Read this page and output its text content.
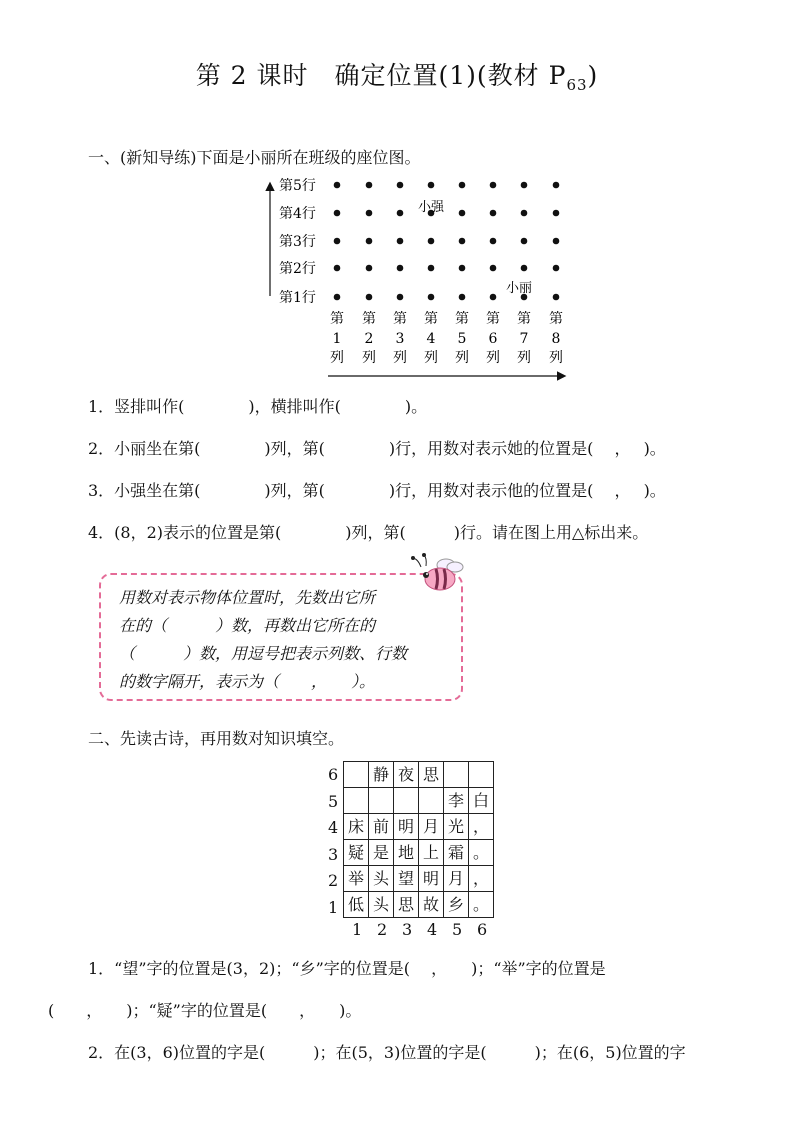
第 2 课时　确定位置(1)(教材 $P_{63}$)
一、(新知导练)下面是小丽所在班级的座位图。
第5行
第4行
第3行
第2行
第1行
第
1
列
第
2
列
第
3
列
第
4
列
第
5
列
第
6
列
第
7
列
第
8
列
小强
小丽
1．竖排叫作(　　　　)，横排叫作(　　　　)。
2．小丽坐在第(　　　　)列，第(　　　　)行，用数对表示她的位置是(　 ，　 )。
3．小强坐在第(　　　　)列，第(　　　　)行，用数对表示他的位置是(　 ，　 )。
4．(8，2)表示的位置是第(　　　　)列，第(　　　)行。请在图上用△标出来。
用数对表示物体位置时，先数出它所
在的（　　　）数，再数出它所在的
（　　　）数，用逗号把表示列数、行数
的数字隔开，表示为（　　，　　）。
二、先读古诗，再用数对知识填空。
6
5
4
3
2
1
	静	夜	思		
				李	白
床	前	明	月	光	，
疑	是	地	上	霜	。
举	头	望	明	月	，
低	头	思	故	乡	。
1 2 3 4 5 6
1．“望”字的位置是(3，2)；“乡”字的位置是(　 ，　　)；“举”字的位置是
(　　，　　)；“疑”字的位置是(　　，　　)。
2．在(3，6)位置的字是(　　　)；在(5，3)位置的字是(　　　)；在(6，5)位置的字
